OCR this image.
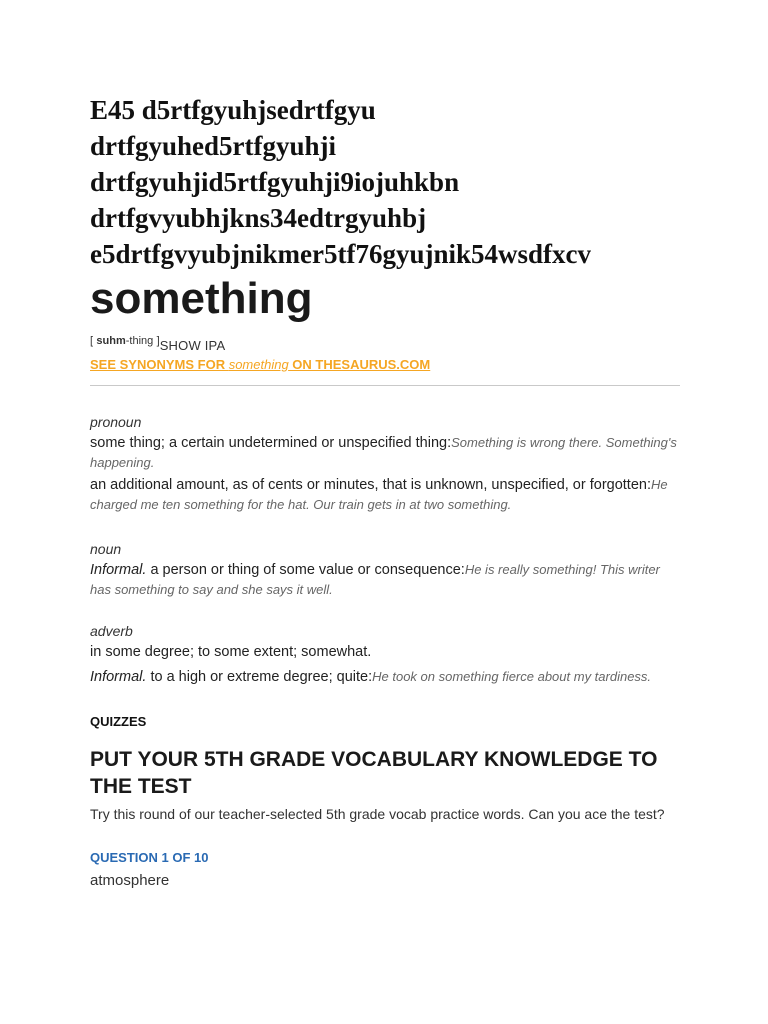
E45 d5rtfgyuhjsedrtfgyu
drtfgyuhed5rtfgyuhji
drtfgyuhjid5rtfgyuhji9iojuhkbn
drtfgvyubhjkns34edtrgyuhbj
e5drtfgvyubjnikmer5tf76gyujnik54wsdfxcv
something
[ suhm-thing ]SHOW IPA
SEE SYNONYMS FOR something ON THESAURUS.COM
pronoun
some thing; a certain undetermined or unspecified thing:Something is wrong there. Something's happening.
an additional amount, as of cents or minutes, that is unknown, unspecified, or forgotten:He charged me ten something for the hat. Our train gets in at two something.
noun
Informal. a person or thing of some value or consequence:He is really something! This writer has something to say and she says it well.
adverb
in some degree; to some extent; somewhat.
Informal. to a high or extreme degree; quite:He took on something fierce about my tardiness.
QUIZZES
PUT YOUR 5TH GRADE VOCABULARY KNOWLEDGE TO THE TEST
Try this round of our teacher-selected 5th grade vocab practice words. Can you ace the test?
QUESTION 1 OF 10
atmosphere
